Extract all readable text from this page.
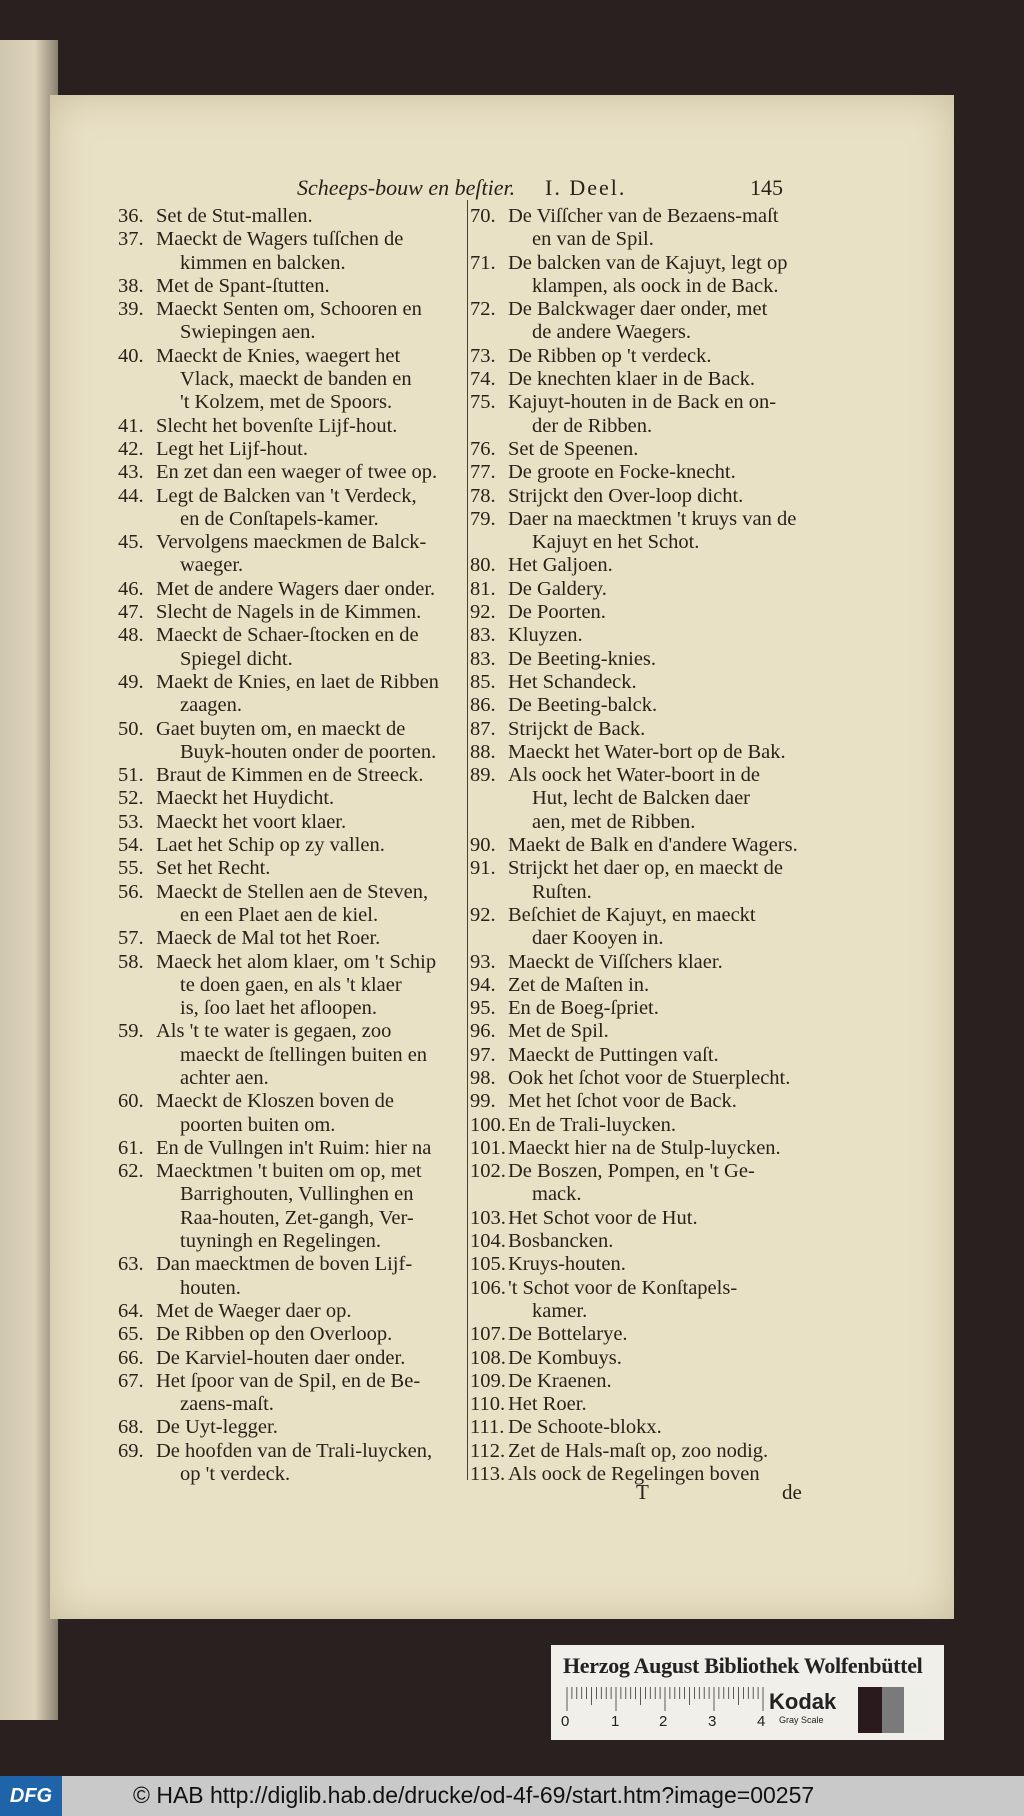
Scheeps-bouw en beſtier. I. Deel.	145
36. Set de Stut-mallen.
37. Maeckt de Wagers tuſſchen de
kimmen en balcken.
38. Met de Spant-ſtutten.
39. Maeckt Senten om, Schooren en
Swiepingen aen.
40. Maeckt de Knies, waegert het
Vlack, maeckt de banden en
't Kolzem, met de Spoors.
41. Slecht het bovenſte Lijf-hout.
42. Legt het Lijf-hout.
43. En zet dan een waeger of twee op.
44. Legt de Balcken van 't Verdeck,
en de Conſtapels-kamer.
45. Vervolgens maeckmen de Balck-
waeger.
46. Met de andere Wagers daer onder.
47. Slecht de Nagels in de Kimmen.
48. Maeckt de Schaer-ſtocken en de
Spiegel dicht.
49. Maekt de Knies, en laet de Ribben
zaagen.
50. Gaet buyten om, en maeckt de
Buyk-houten onder de poorten.
51. Braut de Kimmen en de Streeck.
52. Maeckt het Huydicht.
53. Maeckt het voort klaer.
54. Laet het Schip op zy vallen.
55. Set het Recht.
56. Maeckt de Stellen aen de Steven,
en een Plaet aen de kiel.
57. Maeck de Mal tot het Roer.
58. Maeck het alom klaer, om 't Schip
te doen gaen, en als 't klaer
is, ſoo laet het afloopen.
59. Als 't te water is gegaen, zoo
maeckt de ſtellingen buiten en
achter aen.
60. Maeckt de Kloszen boven de
poorten buiten om.
61. En de Vullngen in't Ruim: hier na
62. Maecktmen 't buiten om op, met
Barrighouten, Vullinghen en
Raa-houten, Zet-gangh, Ver-
tuyningh en Regelingen.
63. Dan maecktmen de boven Lijf-
houten.
64. Met de Waeger daer op.
65. De Ribben op den Overloop.
66. De Karviel-houten daer onder.
67. Het ſpoor van de Spil, en de Be-
zaens-maſt.
68. De Uyt-legger.
69. De hoofden van de Trali-luycken,
op 't verdeck.
70. De Viſſcher van de Bezaens-maſt
en van de Spil.
71. De balcken van de Kajuyt, legt op
klampen, als oock in de Back.
72. De Balckwager daer onder, met
de andere Waegers.
73. De Ribben op 't verdeck.
74. De knechten klaer in de Back.
75. Kajuyt-houten in de Back en on-
der de Ribben.
76. Set de Speenen.
77. De groote en Focke-knecht.
78. Strijckt den Over-loop dicht.
79. Daer na maecktmen 't kruys van de
Kajuyt en het Schot.
80. Het Galjoen.
81. De Galdery.
92. De Poorten.
83. Kluyzen.
83. De Beeting-knies.
85. Het Schandeck.
86. De Beeting-balck.
87. Strijckt de Back.
88. Maeckt het Water-bort op de Bak.
89. Als oock het Water-boort in de
Hut, lecht de Balcken daer
aen, met de Ribben.
90. Maekt de Balk en d'andere Wagers.
91. Strijckt het daer op, en maeckt de
Ruſten.
92. Beſchiet de Kajuyt, en maeckt
daer Kooyen in.
93. Maeckt de Viſſchers klaer.
94. Zet de Maſten in.
95. En de Boeg-ſpriet.
96. Met de Spil.
97. Maeckt de Puttingen vaſt.
98. Ook het ſchot voor de Stuerplecht.
99. Met het ſchot voor de Back.
100. En de Trali-luycken.
101. Maeckt hier na de Stulp-luycken.
102. De Boszen, Pompen, en 't Ge-
mack.
103. Het Schot voor de Hut.
104. Bosbancken.
105. Kruys-houten.
106. 't Schot voor de Konſtapels-
kamer.
107. De Bottelarye.
108. De Kombuys.
109. De Kraenen.
110. Het Roer.
111. De Schoote-blokx.
112. Zet de Hals-maſt op, zoo nodig.
113. Als oock de Regelingen boven
T	de
Herzog August Bibliothek Wolfenbüttel
0	1	2	3	4
Kodak
Gray Scale
DFG	© HAB http://diglib.hab.de/drucke/od-4f-69/start.htm?image=00257
